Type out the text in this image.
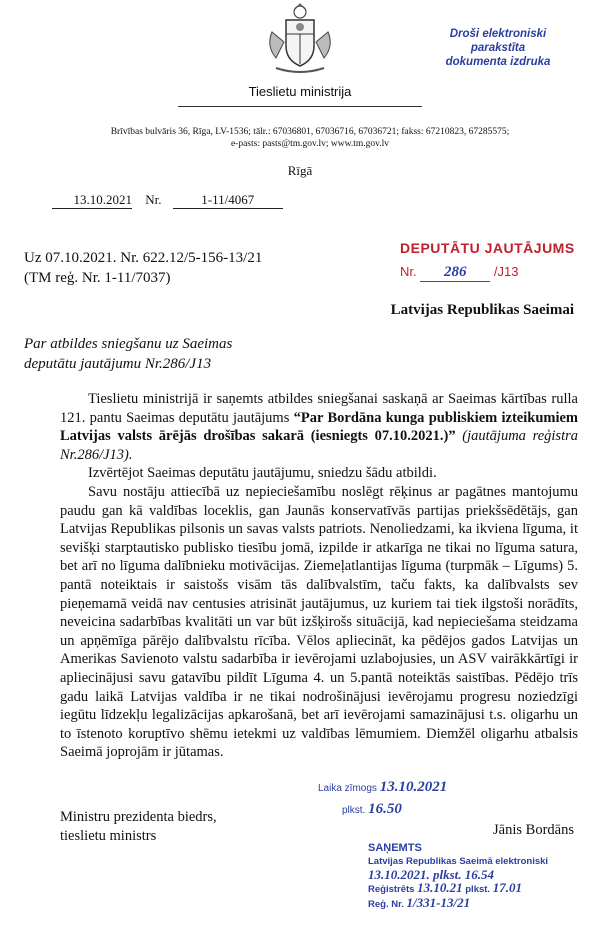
Tieslietu ministrija
Droši elektroniski parakstīta
dokumenta izdruka
Brīvības bulvāris 36, Rīga, LV-1536; tālr.: 67036801, 67036716, 67036721; fakss: 67210823, 67285575;
e-pasts: pasts@tm.gov.lv; www.tm.gov.lv
Rīgā
13.10.2021 Nr.	1-11/4067
Uz 07.10.2021. Nr. 622.12/5-156-13/21
(TM reģ. Nr. 1-11/7037)
DEPUTĀTU JAUTĀJUMS
Nr. 286 /J13
Latvijas Republikas Saeimai
Par atbildes sniegšanu uz Saeimas
deputātu jautājumu Nr.286/J13

Tieslietu ministrijā ir saņemts atbildes sniegšanai saskaņā ar Saeimas kārtības rullа 121. pantu Saeimas deputātu jautājums “Par Bordāna kunga publiskiem izteikumiem Latvijas valsts ārējās drošības sakarā (iesniegts 07.10.2021.)” (jautājuma reģistra Nr.286/J13).

Izvērtējot Saeimas deputātu jautājumu, sniedzu šādu atbildi.

Savu nostāju attiecībā uz nepieciešamību noslēgt rēķinus ar pagātnes mantojumu paudu gan kā valdības loceklis, gan Jaunās konservatīvās partijas priekšsēdētājs, gan Latvijas Republikas pilsonis un savas valsts patriots. Nenoliedzami, ka ikviena līguma, it sevišķi starptautisko publisko tiesību jomā, izpilde ir atkarīga ne tikai no līguma satura, bet arī no līguma dalībnieku motivācijas. Ziemeļatlantijas līguma (turpmāk – Līgums) 5. pantā noteiktais ir saistošs visām tās dalībvalstīm, taču fakts, ka dalībvalsts sev pieņemamā veidā nav centusies atrisināt jautājumus, uz kuriem tai tiek ilgstoši norādīts, neveicina sadarbības kvalitāti un var būt izšķirošs situācijā, kad nepieciešama steidzama un apņēmīga pārējo dalībvalstu rīcība. Vēlos apliecināt, ka pēdējos gados Latvijas un Amerikas Savienoto valstu sadarbība ir ievērojami uzlabojusies, un ASV vairākkārtīgi ir apliecinājusi savu gatavību pildīt Līguma 4. un 5.pantā noteiktās saistības. Pēdējo trīs gadu laikā Latvijas valdība ir ne tikai nodrošinājusi ievērojamu progresu noziedzīgi iegūtu līdzekļu legalizācijas apkarošanā, bet arī ievērojami samazinājusi t.s. oligarhu un to īstenoto koruptīvo shēmu ietekmi uz valdības lēmumiem. Diemžēl oligarhu atbalsis Saeimā joprojām ir jūtamas.

Laika zīmogs 13.10.2021
plkst. 16.50
Ministru prezidenta biedrs,
tieslietu ministrs	Jānis Bordāns
SAŅEMTS
Latvijas Republikas Saeimā elektroniski
13.10.2021. plkst. 16.54
Reģistrēts 13.10.21 plkst. 17.01
Reģ. Nr. 1/331-13/21
